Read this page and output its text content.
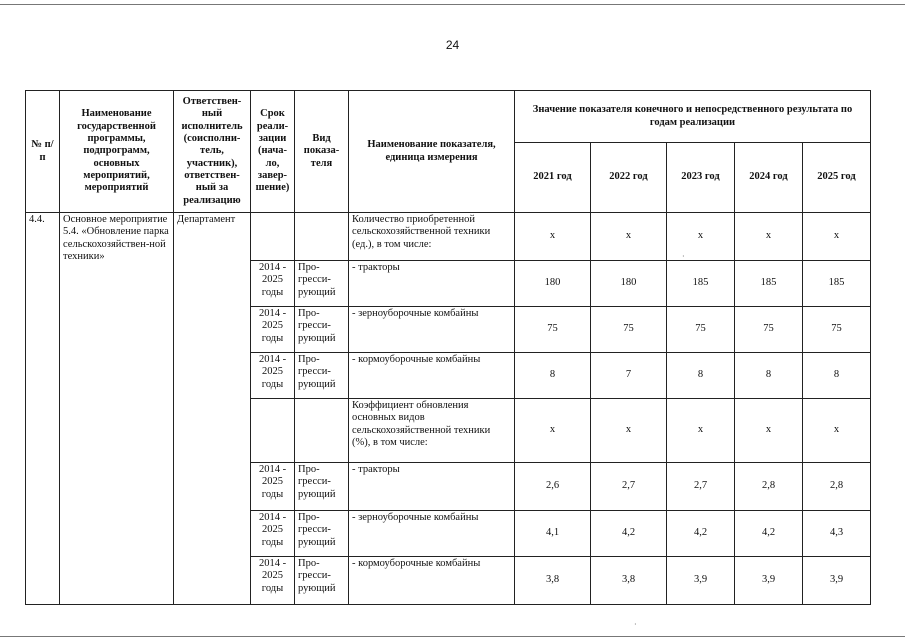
24
№ п/п	Наименование государственной программы, подпрограмм, основных мероприятий, мероприятий	Ответствен-ный исполнитель (соисполни-тель, участник), ответствен-ный за реализацию	Срок реали-зации (нача-ло, завер-шение)	Вид показа-теля	Наименование показателя, единица измерения	Значение показателя конечного и непосредственного результата по годам реализации				
						2021 год	2022 год	2023 год	2024 год	2025 год
4.4.	Основное мероприятие 5.4. «Обновление парка сельскохозяйствен-ной техники»	Департамент			Количество приобретенной сельскохозяйственной техники (ед.), в том числе:	х	х	х	х	х
			2014 - 2025 годы	Про-гресси-рующий	- тракторы	180	180	185	185	185
			2014 - 2025 годы	Про-гресси-рующий	- зерноуборочные комбайны	75	75	75	75	75
			2014 - 2025 годы	Про-гресси-рующий	- кормоуборочные комбайны	8	7	8	8	8
					Коэффициент обновления основных видов сельскохозяйственной техники (%), в том числе:	х	х	х	х	х
			2014 - 2025 годы	Про-гресси-рующий	- тракторы	2,6	2,7	2,7	2,8	2,8
			2014 - 2025 годы	Про-гресси-рующий	- зерноуборочные комбайны	4,1	4,2	4,2	4,2	4,3
			2014 - 2025 годы	Про-гресси-рующий	- кормоуборочные комбайны	3,8	3,8	3,9	3,9	3,9
·
·
